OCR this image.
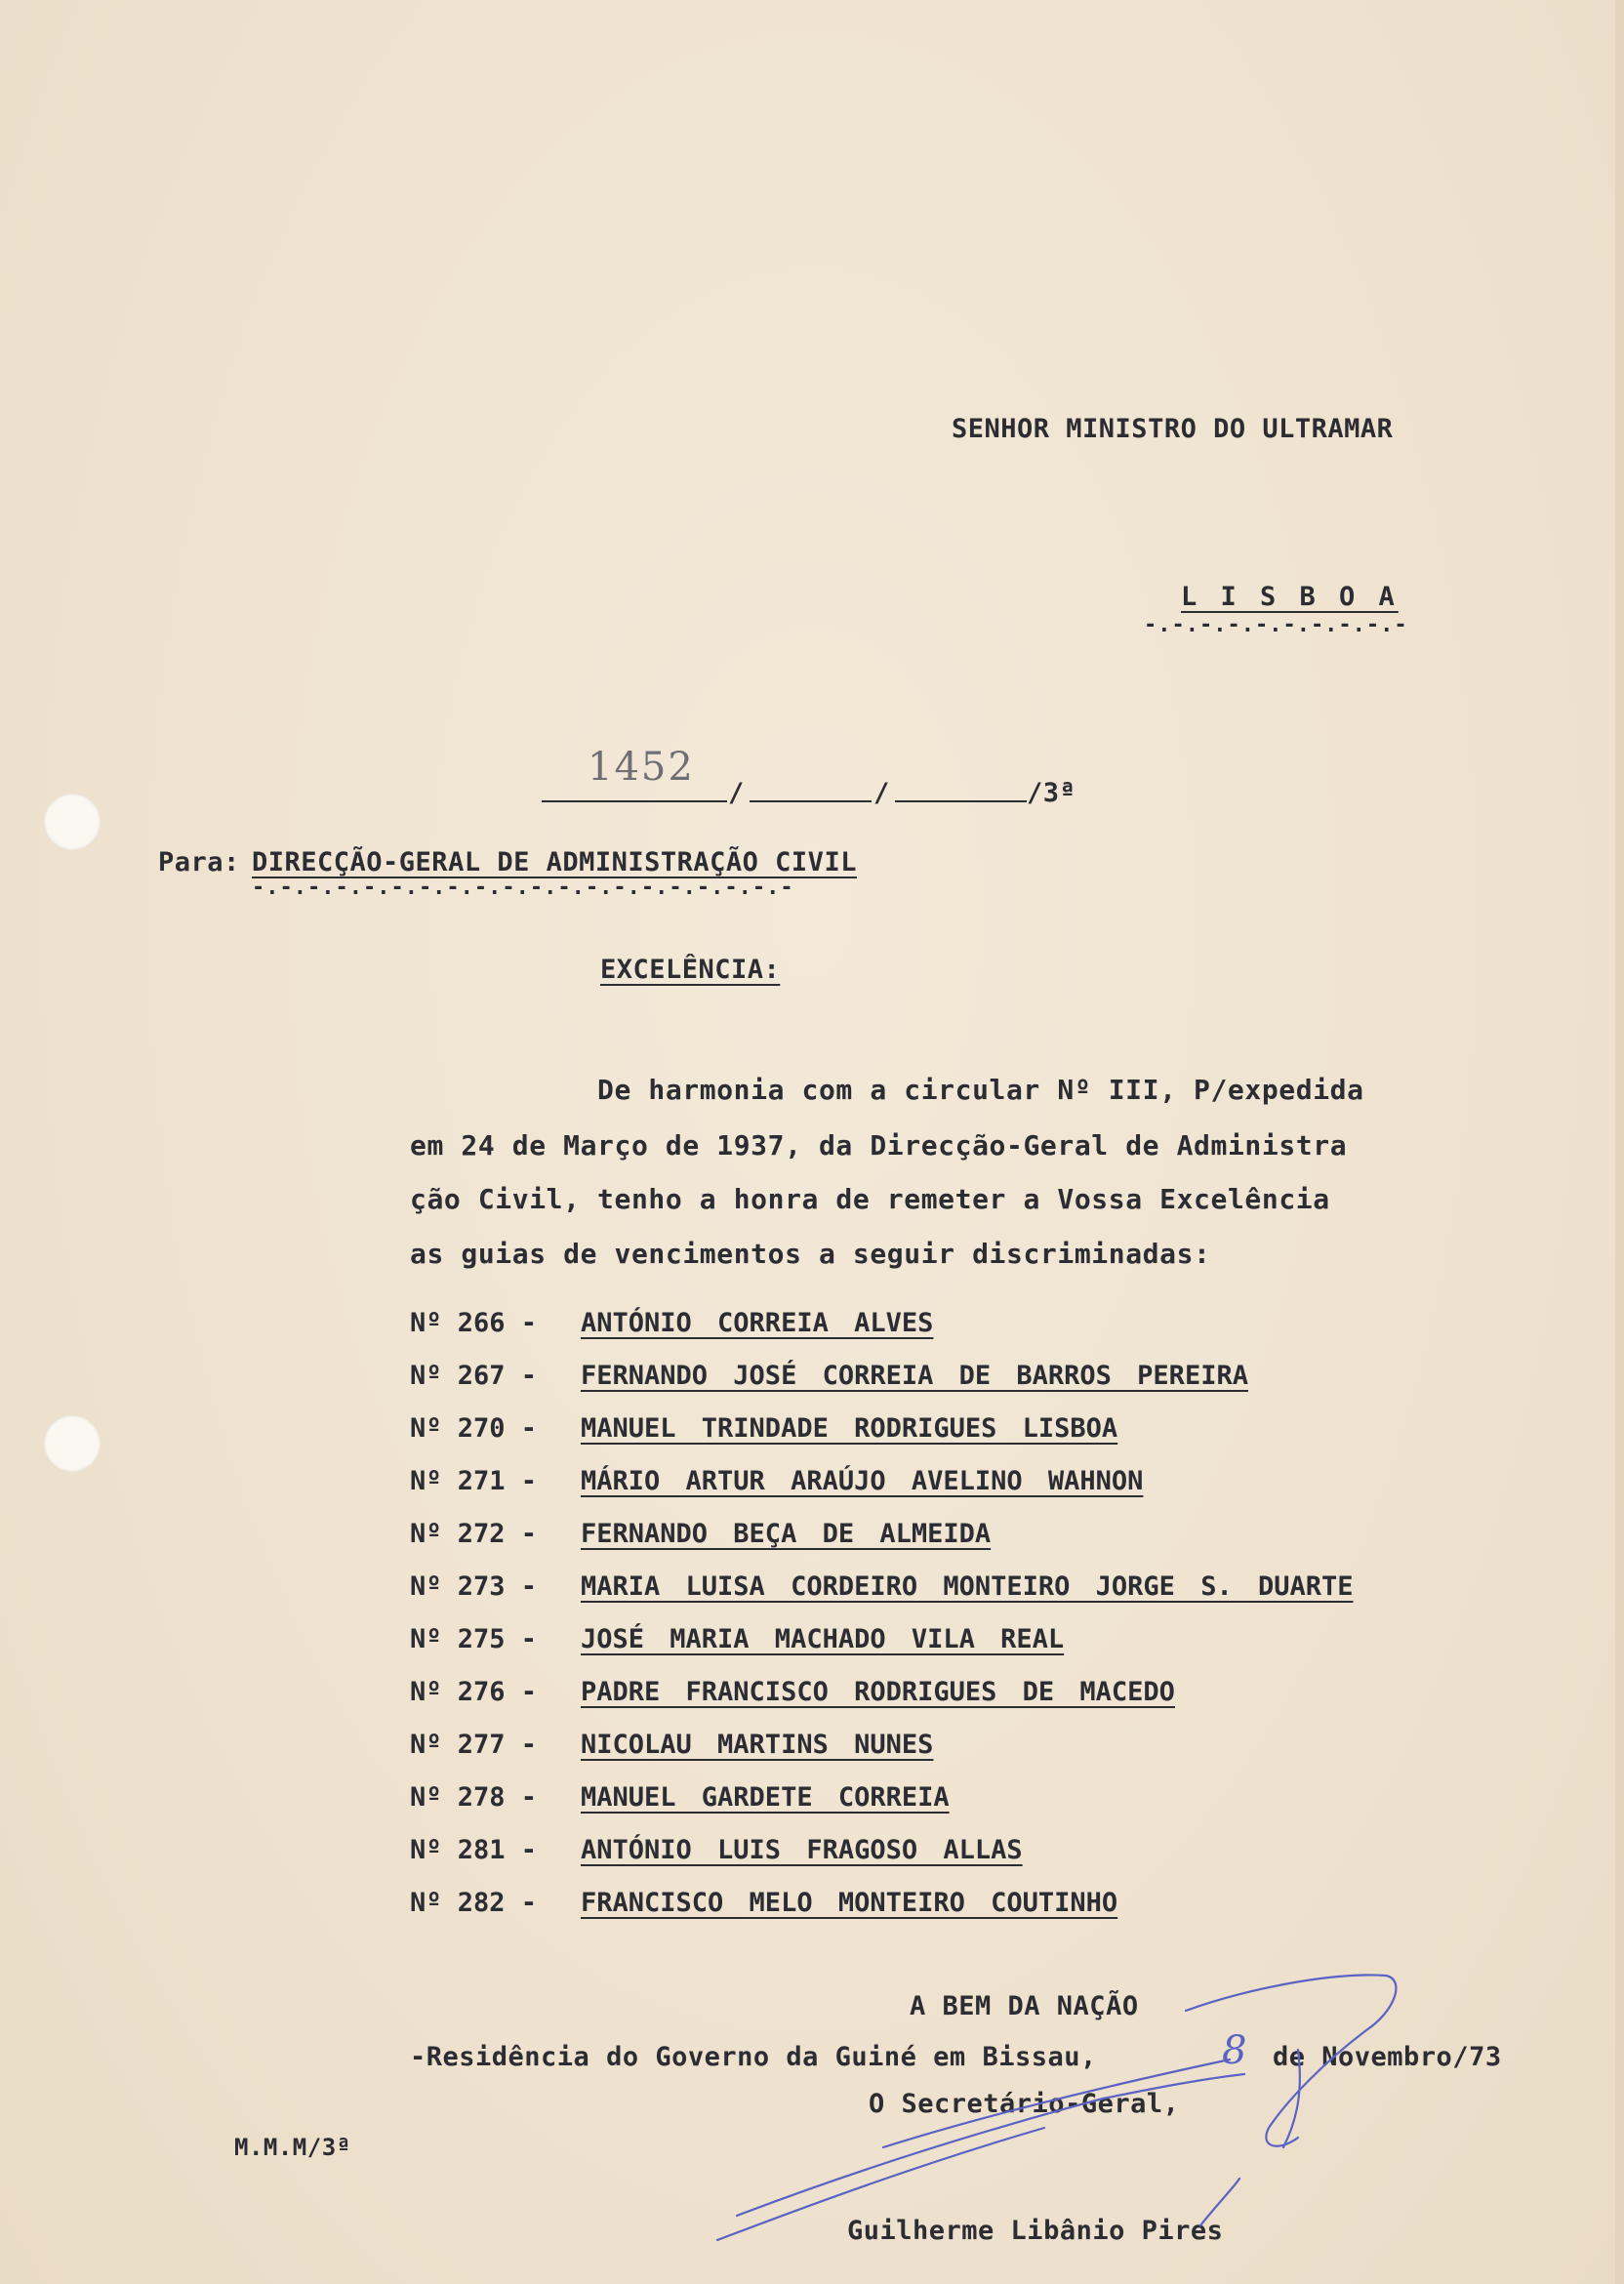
SENHOR MINISTRO DO ULTRAMAR
L I S B O A
-.-.-.-.-.-.-.-.-.-
1452
/	/	/3ª
Para: DIRECÇÃO-GERAL DE ADMINISTRAÇÃO CIVIL
-.-.-.-.-.-.-.-.-.-.-.-.-.-.-.-.-.-.-.-
EXCELÊNCIA:
De harmonia com a circular Nº III, P/expedida
em 24 de Março de 1937, da Direcção-Geral de Administra
ção Civil, tenho a honra de remeter a Vossa Excelência
as guias de vencimentos a seguir discriminadas:
Nº 266 -	ANTÓNIO CORREIA ALVES
Nº 267 -	FERNANDO JOSÉ CORREIA DE BARROS PEREIRA
Nº 270 -	MANUEL TRINDADE RODRIGUES LISBOA
Nº 271 -	MÁRIO ARTUR ARAÚJO AVELINO WAHNON
Nº 272 -	FERNANDO BEÇA DE ALMEIDA
Nº 273 -	MARIA LUISA CORDEIRO MONTEIRO JORGE S. DUARTE
Nº 275 -	JOSÉ MARIA MACHADO VILA REAL
Nº 276 -	PADRE FRANCISCO RODRIGUES DE MACEDO
Nº 277 -	NICOLAU MARTINS NUNES
Nº 278 -	MANUEL GARDETE CORREIA
Nº 281 -	ANTÓNIO LUIS FRAGOSO ALLAS
Nº 282 -	FRANCISCO MELO MONTEIRO COUTINHO
A BEM DA NAÇÃO
-Residência do Governo da Guiné em Bissau,	8 de Novembro/73
O Secretário-Geral,
Guilherme Libânio Pires
M.M.M/3ª
